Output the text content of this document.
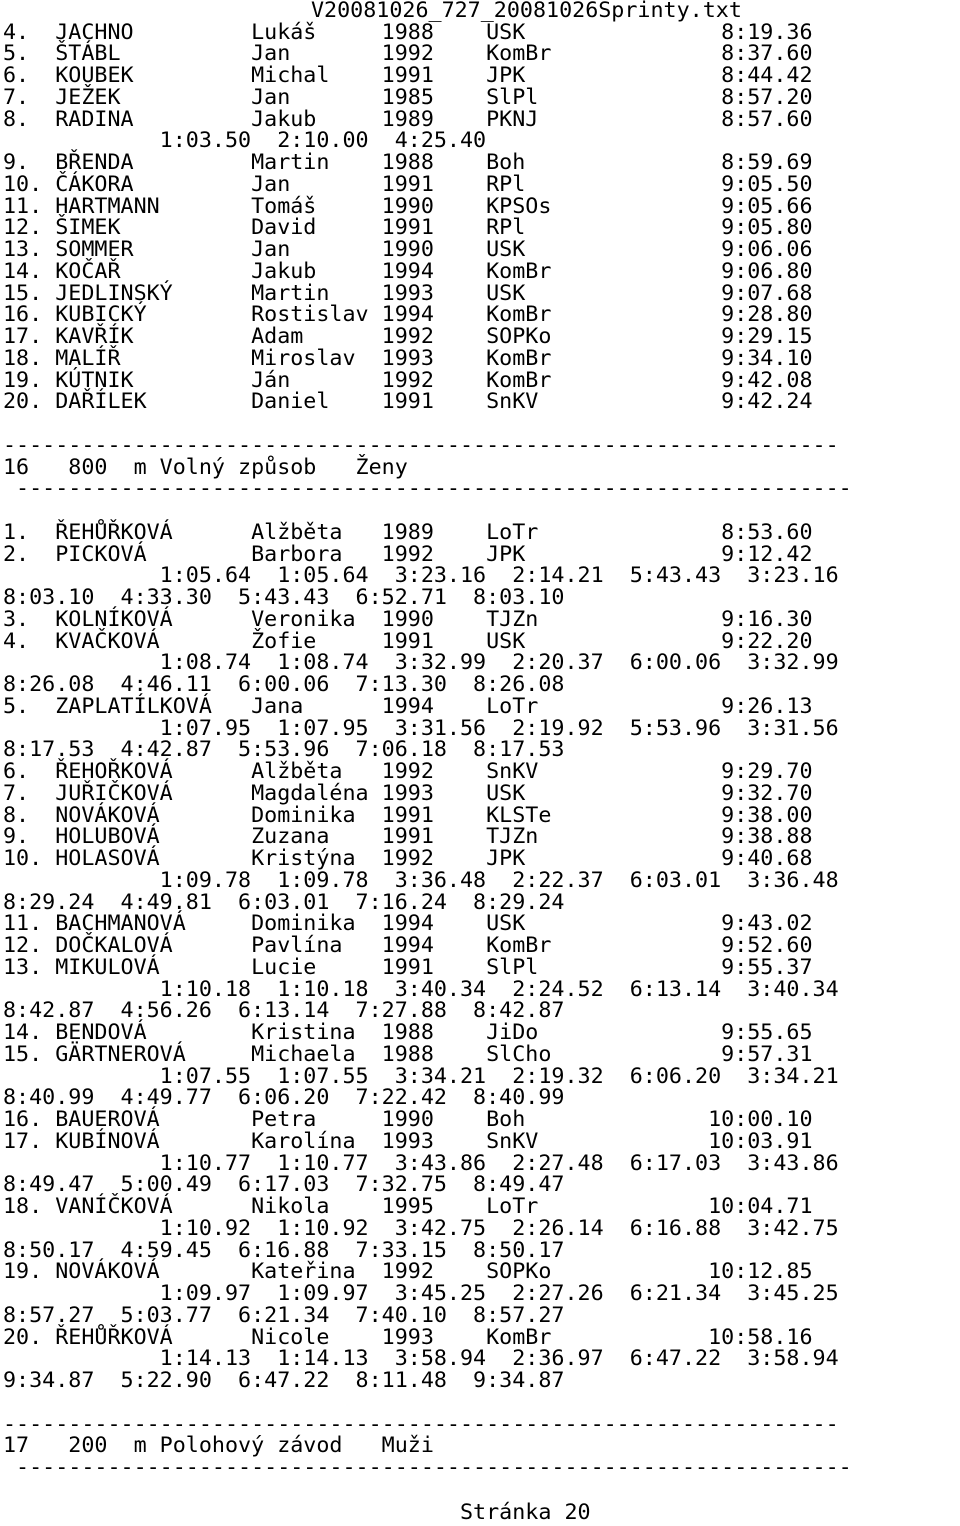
V20081026_727_20081026Sprinty.txt
4.  JACHNO         Lukáš     1988    USK               8:19.36
5.  ŠTÁBL          Jan       1992    KomBr             8:37.60
6.  KOUBEK         Michal    1991    JPK               8:44.42
7.  JEŽEK          Jan       1985    SlPl              8:57.20
8.  RADINA         Jakub     1989    PKNJ              8:57.60
1:03.50  2:10.00  4:25.40
9.  BŘENDA         Martin    1988    Boh               8:59.69
10. ČÁKORA         Jan       1991    RPl               9:05.50
11. HARTMANN       Tomáš     1990    KPSOs             9:05.66
12. ŠIMEK          David     1991    RPl               9:05.80
13. SOMMER         Jan       1990    USK               9:06.06
14. KOČAŘ          Jakub     1994    KomBr             9:06.80
15. JEDLINSKÝ      Martin    1993    USK               9:07.68
16. KUBICKÝ        Rostislav 1994    KomBr             9:28.80
17. KAVŘÍK         Adam      1992    SOPKo             9:29.15
18. MALÍŘ          Miroslav  1993    KomBr             9:34.10
19. KÚTNIK         Ján       1992    KomBr             9:42.08
20. DAŘÍLEK        Daniel    1991    SnKV              9:42.24
----------------------------------------------------------------
16   800  m Volný způsob   Ženy
----------------------------------------------------------------
1.  ŘEHŮŘKOVÁ      Alžběta   1989    LoTr              8:53.60
2.  PICKOVÁ        Barbora   1992    JPK               9:12.42
1:05.64  1:05.64  3:23.16  2:14.21  5:43.43  3:23.16
8:03.10  4:33.30  5:43.43  6:52.71  8:03.10
3.  KOLNÍKOVÁ      Veronika  1990    TJZn              9:16.30
4.  KVAČKOVÁ       Žofie     1991    USK               9:22.20
1:08.74  1:08.74  3:32.99  2:20.37  6:00.06  3:32.99
8:26.08  4:46.11  6:00.06  7:13.30  8:26.08
5.  ZAPLATÍLKOVÁ   Jana      1994    LoTr              9:26.13
1:07.95  1:07.95  3:31.56  2:19.92  5:53.96  3:31.56
8:17.53  4:42.87  5:53.96  7:06.18  8:17.53
6.  ŘEHOŘKOVÁ      Alžběta   1992    SnKV              9:29.70
7.  JUŘIČKOVÁ      Magdaléna 1993    USK               9:32.70
8.  NOVÁKOVÁ       Dominika  1991    KLSTe             9:38.00
9.  HOLUBOVÁ       Zuzana    1991    TJZn              9:38.88
10. HOLASOVÁ       Kristýna  1992    JPK               9:40.68
1:09.78  1:09.78  3:36.48  2:22.37  6:03.01  3:36.48
8:29.24  4:49.81  6:03.01  7:16.24  8:29.24
11. BACHMANOVÁ     Dominika  1994    USK               9:43.02
12. DOČKALOVÁ      Pavlína   1994    KomBr             9:52.60
13. MIKULOVÁ       Lucie     1991    SlPl              9:55.37
1:10.18  1:10.18  3:40.34  2:24.52  6:13.14  3:40.34
8:42.87  4:56.26  6:13.14  7:27.88  8:42.87
14. BENDOVÁ        Kristina  1988    JiDo              9:55.65
15. GÄRTNEROVÁ     Michaela  1988    SlCho             9:57.31
1:07.55  1:07.55  3:34.21  2:19.32  6:06.20  3:34.21
8:40.99  4:49.77  6:06.20  7:22.42  8:40.99
16. BAUEROVÁ       Petra     1990    Boh              10:00.10
17. KUBÍNOVÁ       Karolína  1993    SnKV             10:03.91
1:10.77  1:10.77  3:43.86  2:27.48  6:17.03  3:43.86
8:49.47  5:00.49  6:17.03  7:32.75  8:49.47
18. VANÍČKOVÁ      Nikola    1995    LoTr             10:04.71
1:10.92  1:10.92  3:42.75  2:26.14  6:16.88  3:42.75
8:50.17  4:59.45  6:16.88  7:33.15  8:50.17
19. NOVÁKOVÁ       Kateřina  1992    SOPKo            10:12.85
1:09.97  1:09.97  3:45.25  2:27.26  6:21.34  3:45.25
8:57.27  5:03.77  6:21.34  7:40.10  8:57.27
20. ŘEHŮŘKOVÁ      Nicole    1993    KomBr            10:58.16
1:14.13  1:14.13  3:58.94  2:36.97  6:47.22  3:58.94
9:34.87  5:22.90  6:47.22  8:11.48  9:34.87
----------------------------------------------------------------
17   200  m Polohový závod   Muži
----------------------------------------------------------------
Stránka 20
